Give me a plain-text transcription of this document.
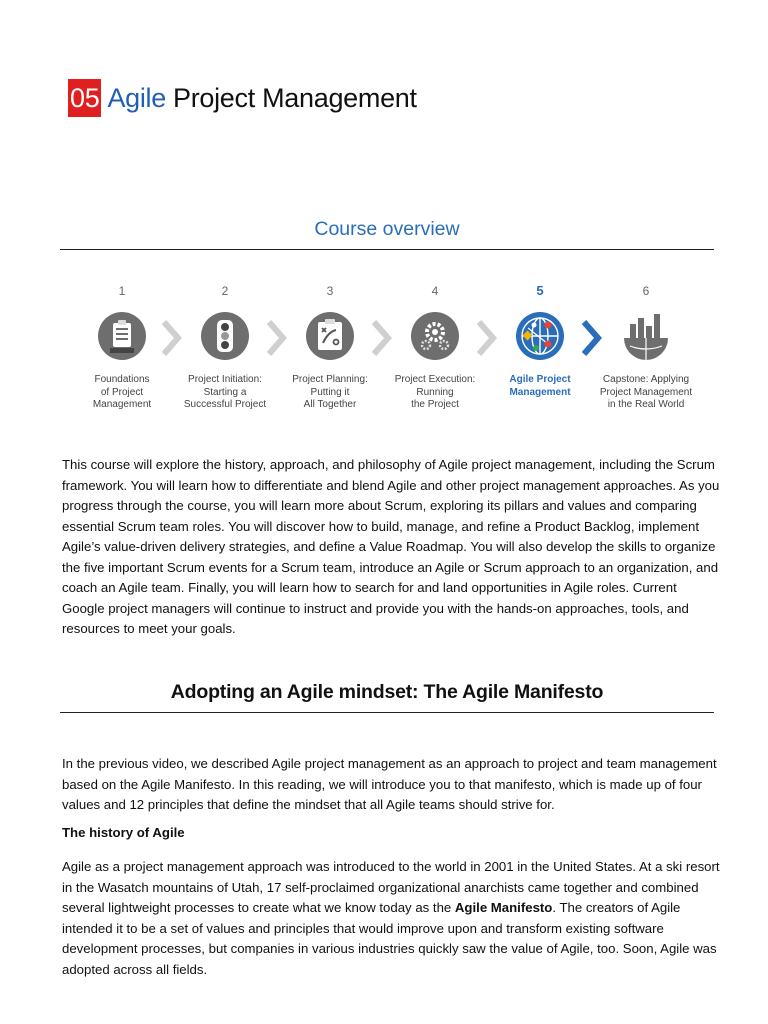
05 Agile Project Management
Course overview
1
Foundations
of Project
Management
2
Project Initiation:
Starting a
Successful Project
3
Project Planning:
Putting it
All Together
4
Project Execution:
Running
the Project
5
Agile Project
Management
6
Capstone: Applying
Project Management
in the Real World
This course will explore the history, approach, and philosophy of Agile project management, including the Scrum framework. You will learn how to differentiate and blend Agile and other project management approaches. As you progress through the course, you will learn more about Scrum, exploring its pillars and values and comparing essential Scrum team roles. You will discover how to build, manage, and refine a Product Backlog, implement Agile’s value-driven delivery strategies, and define a Value Roadmap. You will also develop the skills to organize the five important Scrum events for a Scrum team, introduce an Agile or Scrum approach to an organization, and coach an Agile team. Finally, you will learn how to search for and land opportunities in Agile roles. Current Google project managers will continue to instruct and provide you with the hands-on approaches, tools, and resources to meet your goals.
Adopting an Agile mindset: The Agile Manifesto
In the previous video, we described Agile project management as an approach to project and team management based on the Agile Manifesto. In this reading, we will introduce you to that manifesto, which is made up of four values and 12 principles that define the mindset that all Agile teams should strive for.
The history of Agile
Agile as a project management approach was introduced to the world in 2001 in the United States. At a ski resort in the Wasatch mountains of Utah, 17 self-proclaimed organizational anarchists came together and combined several lightweight processes to create what we know today as the Agile Manifesto. The creators of Agile intended it to be a set of values and principles that would improve upon and transform existing software development processes, but companies in various industries quickly saw the value of Agile, too. Soon, Agile was adopted across all fields.
